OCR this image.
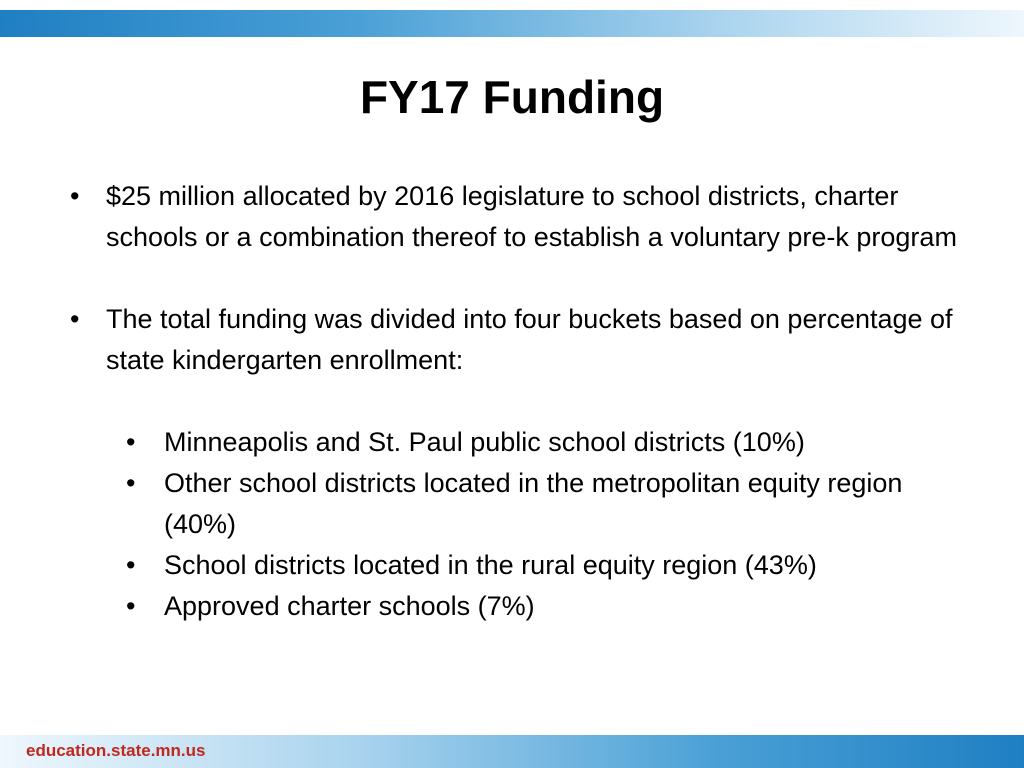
FY17 Funding
• $25 million allocated by 2016 legislature to school districts, charter schools or a combination thereof to establish a voluntary pre-k program
• The total funding was divided into four buckets based on percentage of state kindergarten enrollment:
•	Minneapolis and St. Paul public school districts (10%)
•	Other school districts located in the metropolitan equity region (40%)
•	School districts located in the rural equity region (43%)
•	Approved charter schools (7%)
education.state.mn.us
